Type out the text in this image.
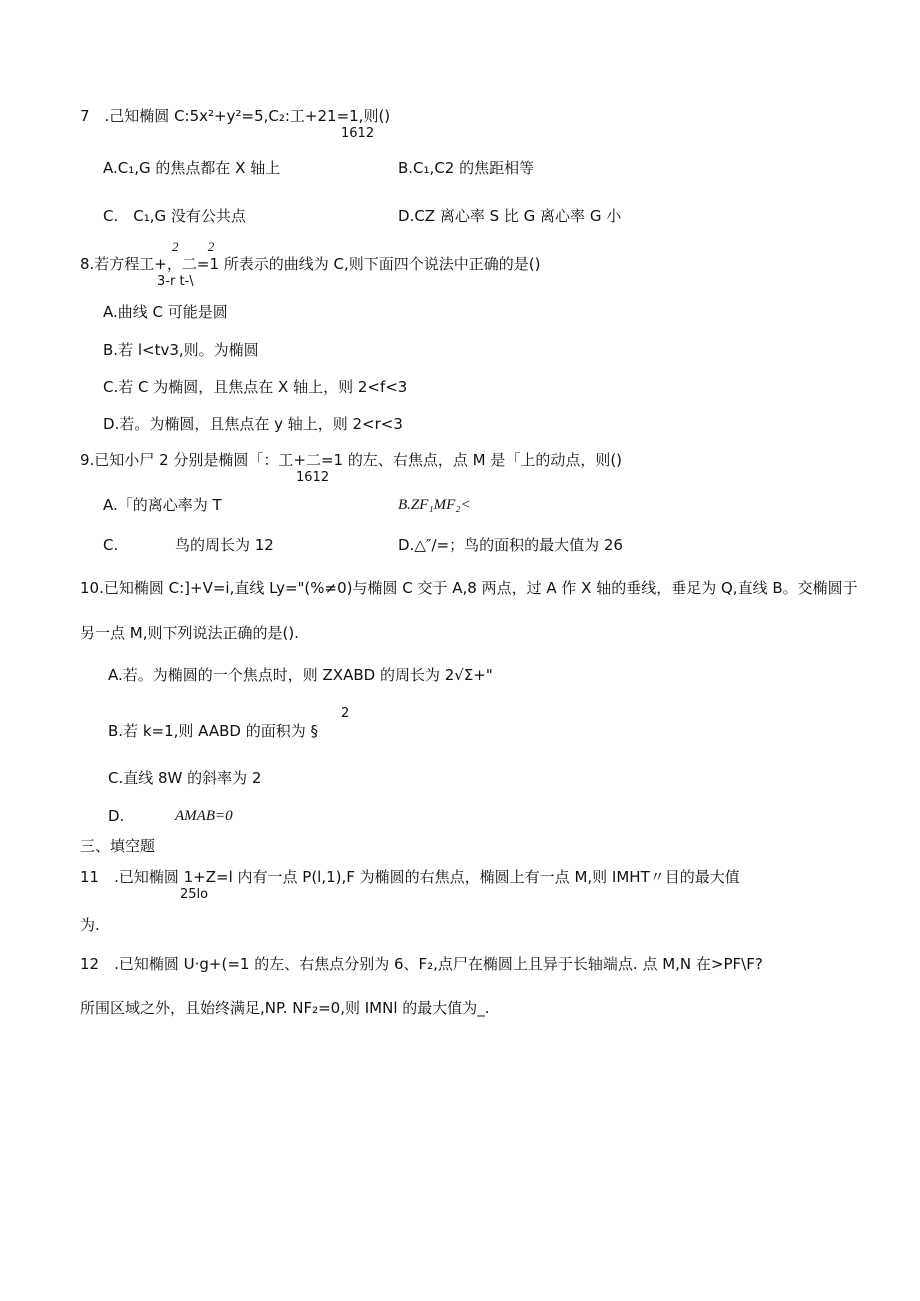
7　.己知椭圆 C:5x²+y²=5,C₂:工+21=1,则()
1612
A.C₁,G 的焦点都在 X 轴上	B.C₁,C2 的焦距相等
C.　C₁,G 没有公共点	D.CZ 离心率 S 比 G 离心率 G 小
2　　 2
8.若方程工+，二=1 所表示的曲线为 C,则下面四个说法中正确的是()
3-r t-\
A.曲线 C 可能是圆
B.若 l<tv3,则。为椭圆
C.若 C 为椭圆，且焦点在 X 轴上，则 2<f<3
D.若。为椭圆，且焦点在 y 轴上，则 2<r<3
9.已知小尸 2 分别是椭圆「：工+二=1 的左、右焦点，点 M 是「上的动点，则()
1612
A.「的离心率为 T	B.ZF₁MF₂<
C.	鸟的周长为 12	D.△″/=；鸟的面积的最大值为 26
10.已知椭圆 C:]+V=i,直线 Ly="(%≠0)与椭圆 C 交于 A,8 两点，过 A 作 X 轴的垂线，垂足为 Q,直线 B。交椭圆于
另一点 M,则下列说法正确的是().
A.若。为椭圆的一个焦点时，则 ZXABD 的周长为 2√Σ+"
2
B.若 k=1,则 AABD 的面积为 §
C.直线 8W 的斜率为 2
D.	AMAB=0
三、填空题
11　.已知椭圆 1+Z=l 内有一点 P(l,1),F 为椭圆的右焦点，椭圆上有一点 M,则 IMHT〃目的最大值
25lo
为.
12　.已知椭圆 U·g+(=1 的左、右焦点分别为 6、F₂,点尸在椭圆上且异于长轴端点. 点 M,N 在>PF\F?
所围区域之外，且始终满足,NP. NF₂=0,则 IMNl 的最大值为_.
